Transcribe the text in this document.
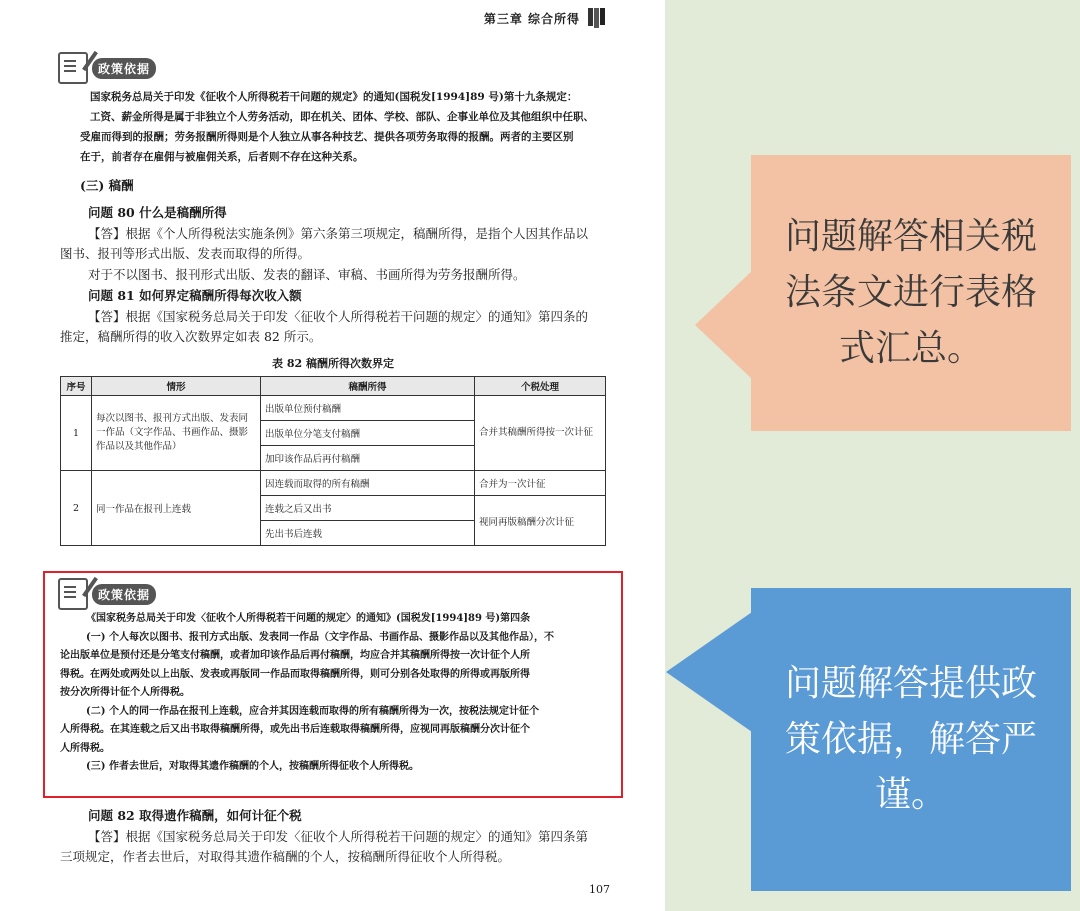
第三章 综合所得
政策依据
国家税务总局关于印发《征收个人所得税若干问题的规定》的通知(国税发[1994]89 号)第十九条规定：
工资、薪金所得是属于非独立个人劳务活动，即在机关、团体、学校、部队、企事业单位及其他组织中任职、
受雇而得到的报酬；劳务报酬所得则是个人独立从事各种技艺、提供各项劳务取得的报酬。两者的主要区别
在于，前者存在雇佣与被雇佣关系，后者则不存在这种关系。
(三) 稿酬
问题 80 什么是稿酬所得
【答】根据《个人所得税法实施条例》第六条第三项规定，稿酬所得，是指个人因其作品以
图书、报刊等形式出版、发表而取得的所得。
对于不以图书、报刊形式出版、发表的翻译、审稿、书画所得为劳务报酬所得。
问题 81 如何界定稿酬所得每次收入额
【答】根据《国家税务总局关于印发〈征收个人所得税若干问题的规定〉的通知》第四条的
推定，稿酬所得的收入次数界定如表 82 所示。
表 82 稿酬所得次数界定
序号	情形	稿酬所得	个税处理
1	每次以图书、报刊方式出版、发表同一作品（文字作品、书画作品、摄影作品以及其他作品）	出版单位预付稿酬	合并其稿酬所得按一次计征
		出版单位分笔支付稿酬	
		加印该作品后再付稿酬	
2	同一作品在报刊上连载	因连载而取得的所有稿酬	合并为一次计征
		连载之后又出书	视同再版稿酬分次计征
		先出书后连载	
政策依据
《国家税务总局关于印发〈征收个人所得税若干问题的规定〉的通知》(国税发[1994]89 号)第四条
(一) 个人每次以图书、报刊方式出版、发表同一作品（文字作品、书画作品、摄影作品以及其他作品），不
论出版单位是预付还是分笔支付稿酬，或者加印该作品后再付稿酬，均应合并其稿酬所得按一次计征个人所
得税。在两处或两处以上出版、发表或再版同一作品而取得稿酬所得，则可分别各处取得的所得或再版所得
按分次所得计征个人所得税。
(二) 个人的同一作品在报刊上连载，应合并其因连载而取得的所有稿酬所得为一次，按税法规定计征个
人所得税。在其连载之后又出书取得稿酬所得，或先出书后连载取得稿酬所得，应视同再版稿酬分次计征个
人所得税。
(三) 作者去世后，对取得其遗作稿酬的个人，按稿酬所得征收个人所得税。
问题 82 取得遗作稿酬，如何计征个税
【答】根据《国家税务总局关于印发〈征收个人所得税若干问题的规定〉的通知》第四条第
三项规定，作者去世后，对取得其遗作稿酬的个人，按稿酬所得征收个人所得税。
107
问题解答相关税法条文进行表格式汇总。
问题解答提供政策依据，解答严谨。
